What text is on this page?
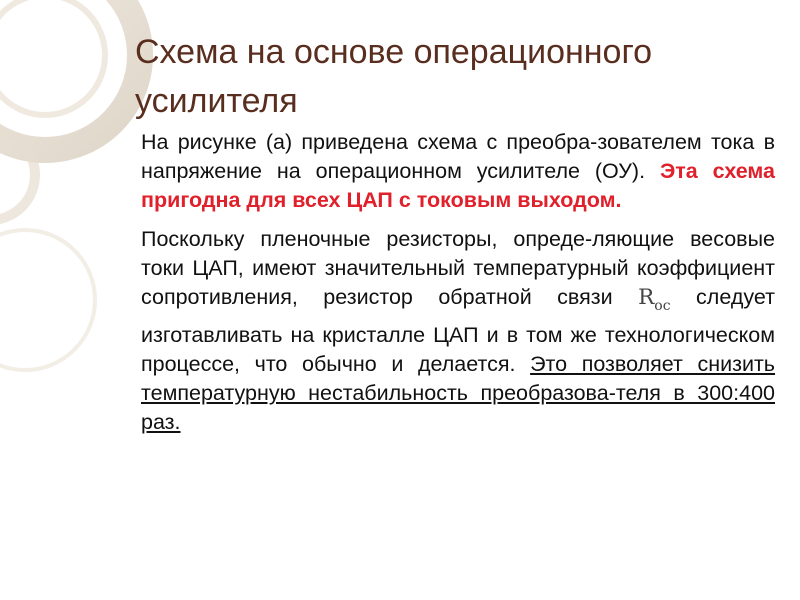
Схема на основе операционного усилителя

На рисунке (а) приведена схема с преобра-зователем тока в напряжение на операционном усилителе (ОУ). Эта схема пригодна для всех ЦАП с токовым выходом.

Поскольку пленочные резисторы, опреде-ляющие весовые токи ЦАП, имеют значительный температурный коэффициент сопротивления, резистор обратной связи $R_{ос}$ следует изготавливать на кристалле ЦАП и в том же технологическом процессе, что обычно и делается. Это позволяет снизить температурную нестабильность преобразова-теля в 300:400 раз.
